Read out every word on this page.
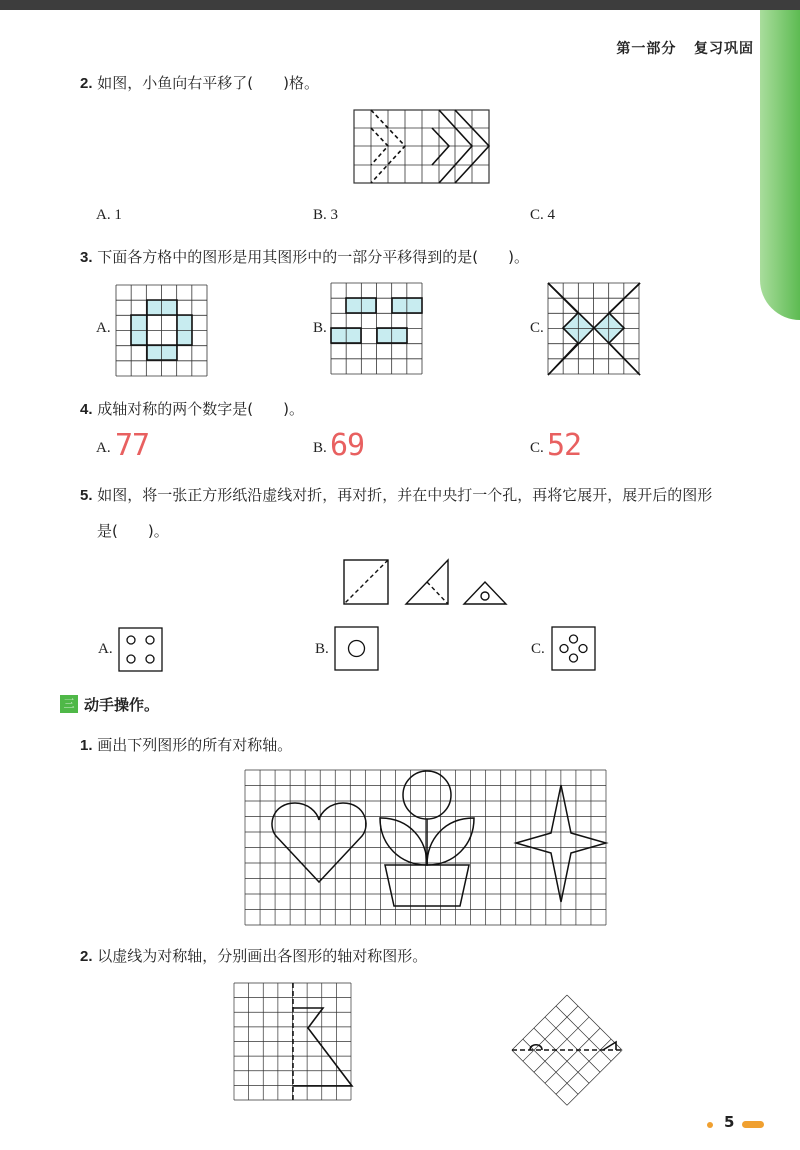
第一部分 复习巩固
2. 如图，小鱼向右平移了(　　)格。
A. 1	B. 3	C. 4
3. 下面各方格中的图形是用其图形中的一部分平移得到的是(　　)。
A.	B.	C.
4. 成轴对称的两个数字是(　　)。
A. 77	B. 69	C. 52
5. 如图，将一张正方形纸沿虚线对折，再对折，并在中央打一个孔，再将它展开，展开后的图形
是(　　)。
A.	B.	C.
三 动手操作。
1. 画出下列图形的所有对称轴。
2. 以虚线为对称轴，分别画出各图形的轴对称图形。
5
